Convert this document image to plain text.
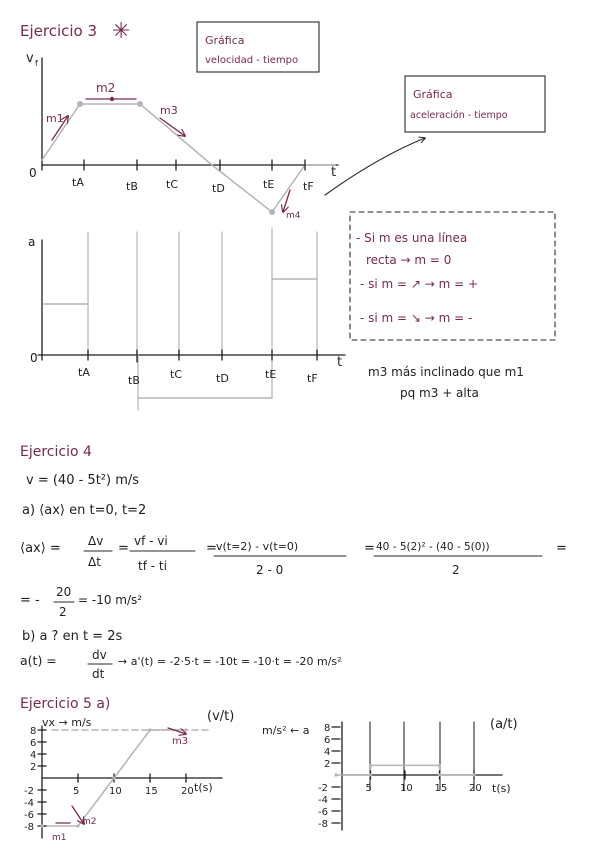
Ejercicio 3 ✳	Gráfica
velocidad - tiempo
Gráfica
aceleración - tiempo
v f
t
0
tA	tB	tC	tD	tE	tF
m1
m2
m3
m4
a
t
0
tA
tB	tC	tD	tE	tF
- Si m es una línea
recta → m = 0
- si m = ↗ → m = +
- si m = ↘ → m = -
m3 más inclinado que m1
pq m3 + alta
Ejercicio 4
v = (40 - 5t²) m/s
a) ⟨ax⟩ en t=0, t=2
⟨ax⟩ = Δv
Δt
= vf - vi
tf - ti
= v(t=2) - v(t=0)
2 - 0
= 40 - 5(2)² - (40 - 5(0))
2
=
= -
20
2
= -10 m/s²
b) a ? en t = 2s
a(t) =	dv
dt
→ a'(t) = -2·5·t = -10t = -10·t = -20 m/s²
Ejercicio 5 a)
(v/t)
vx → m/s
t(s)
m1
m2
m3
8
6
4
2
-2
-4
-6
-8
5	10 15 20
(a/t)
m/s² ← a
t(s)
8
6
4
2
-2
-4
-6
-8
5	10 15 20
